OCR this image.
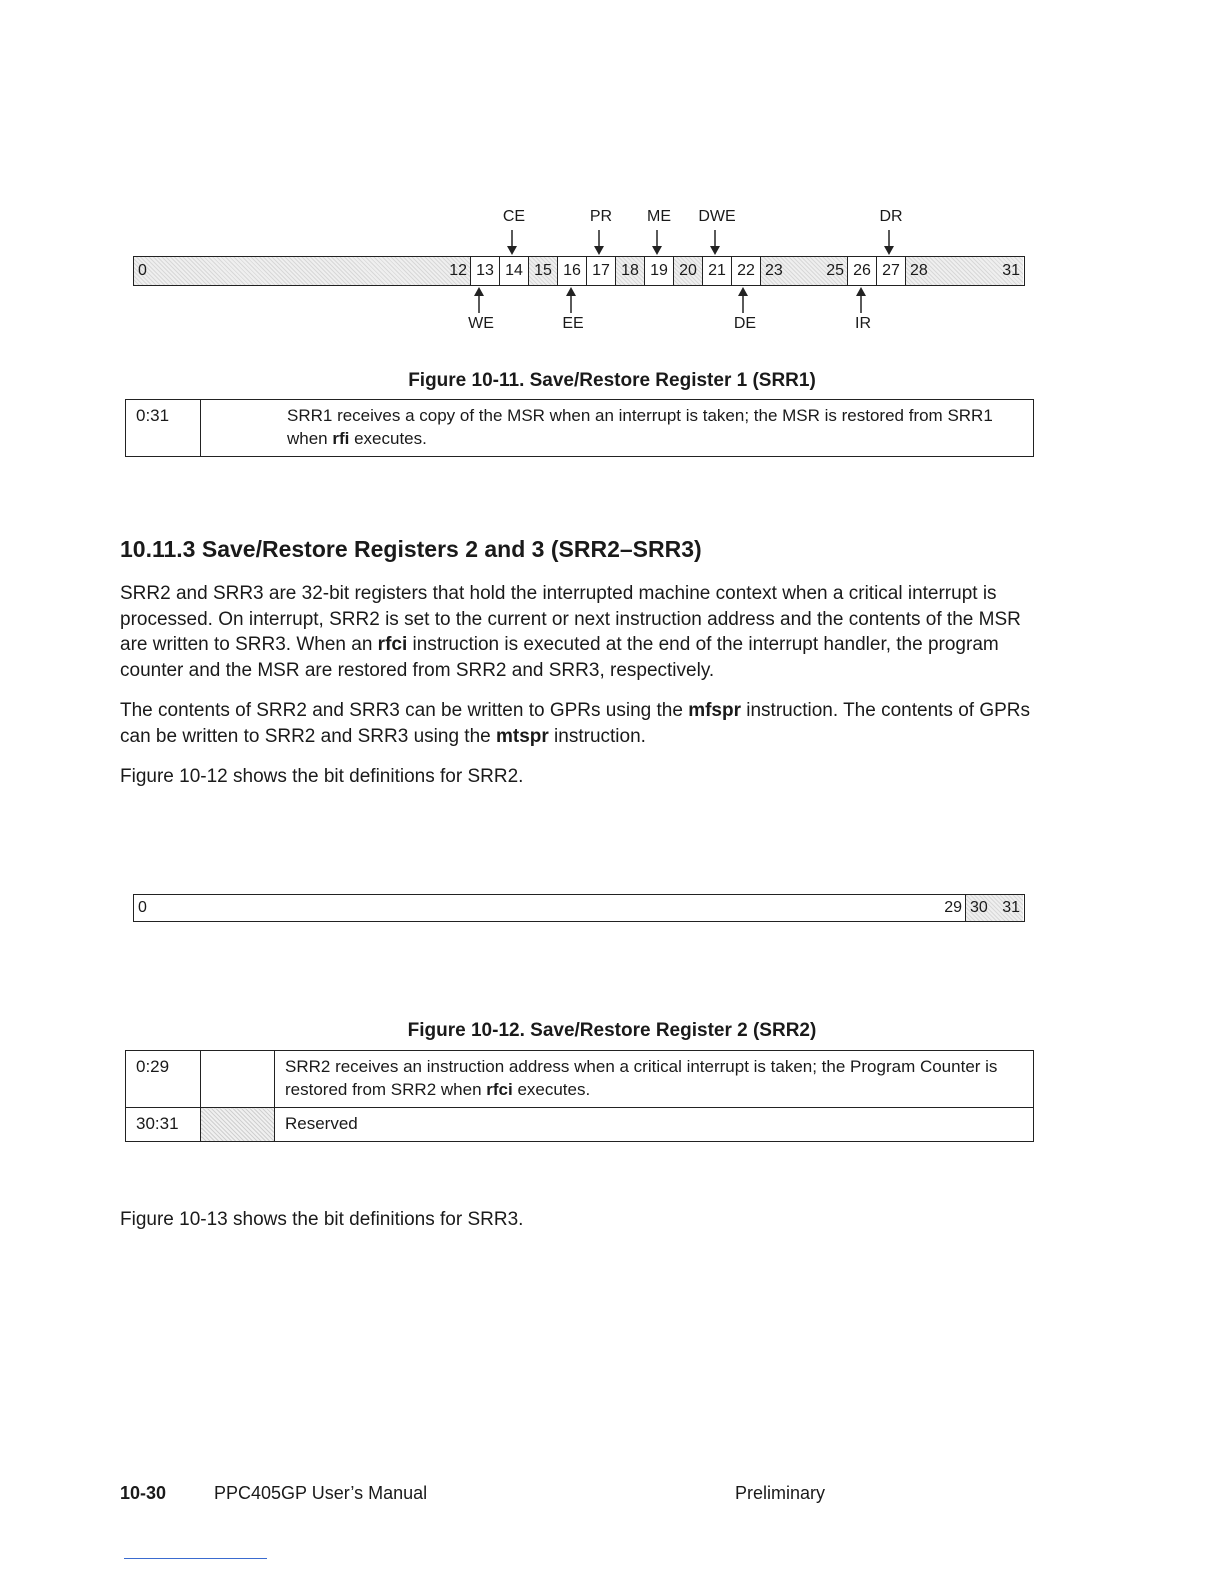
CE	PR	ME	DWE	DR
0	12 13 14 15 16 17 18 19 20 21 22 23	25 26 27 28	31
WE	EE	DE	IR
Figure 10-11. Save/Restore Register 1 (SRR1)
0:31	SRR1 receives a copy of the MSR when an interrupt is taken; the MSR is restored from SRR1 when rfi executes.
10.11.3 Save/Restore Registers 2 and 3 (SRR2–SRR3)

SRR2 and SRR3 are 32-bit registers that hold the interrupted machine context when a critical interrupt is processed. On interrupt, SRR2 is set to the current or next instruction address and the contents of the MSR are written to SRR3. When an rfci instruction is executed at the end of the interrupt handler, the program counter and the MSR are restored from SRR2 and SRR3, respectively.

The contents of SRR2 and SRR3 can be written to GPRs using the mfspr instruction. The contents of GPRs can be written to SRR2 and SRR3 using the mtspr instruction.

Figure 10-12 shows the bit definitions for SRR2.

0	29 30 31
Figure 10-12. Save/Restore Register 2 (SRR2)
0:29		SRR2 receives an instruction address when a critical interrupt is taken; the Program Counter is restored from SRR2 when rfci executes.
30:31		Reserved

Figure 10-13 shows the bit definitions for SRR3.

10-30	PPC405GP User’s Manual	Preliminary
